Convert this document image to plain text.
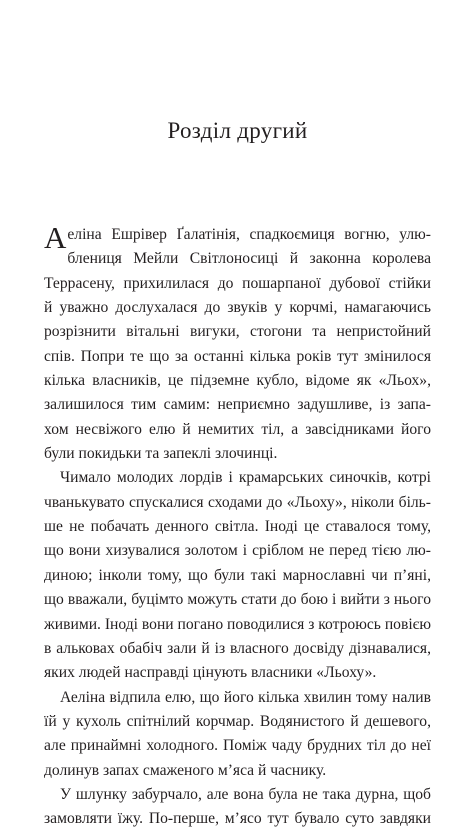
Розділ другий
А еліна Ешрівер Ґалатінія, спадкоємиця вогню, улю-
блениця Мейли Світлоносиці й законна королева
Террасену, прихилилася до пошарпаної дубової стійки
й уважно дослухалася до звуків у корчмі, намагаючись
розрізнити вітальні вигуки, стогони та непристойний
спів. Попри те що за останні кілька років тут змінилося
кілька власників, це підземне кубло, відоме як «Льох»,
залишилося тим самим: неприємно задушливе, із запа-
хом несвіжого елю й немитих тіл, а завсідниками його
були покидьки та запеклі злочинці.
Чимало молодих лордів і крамарських синочків, котрі
чванькувато спускалися сходами до «Льоху», ніколи біль-
ше не побачать денного світла. Іноді це ставалося тому,
що вони хизувалися золотом і сріблом не перед тією лю-
диною; інколи тому, що були такі марнославні чи п’яні,
що вважали, буцімто можуть стати до бою і вийти з нього
живими. Іноді вони погано поводилися з котроюсь повією
в альковах обабіч зали й із власного досвіду дізнавалися,
яких людей насправді цінують власники «Льоху».
Аеліна відпила елю, що його кілька хвилин тому налив
їй у кухоль спітнілий корчмар. Водянистого й дешевого,
але принаймні холодного. Поміж чаду брудних тіл до неї
долинув запах смаженого м’яса й часнику.
У шлунку забурчало, але вона була не така дурна, щоб
замовляти їжу. По-перше, м’ясо тут бувало суто завдяки
